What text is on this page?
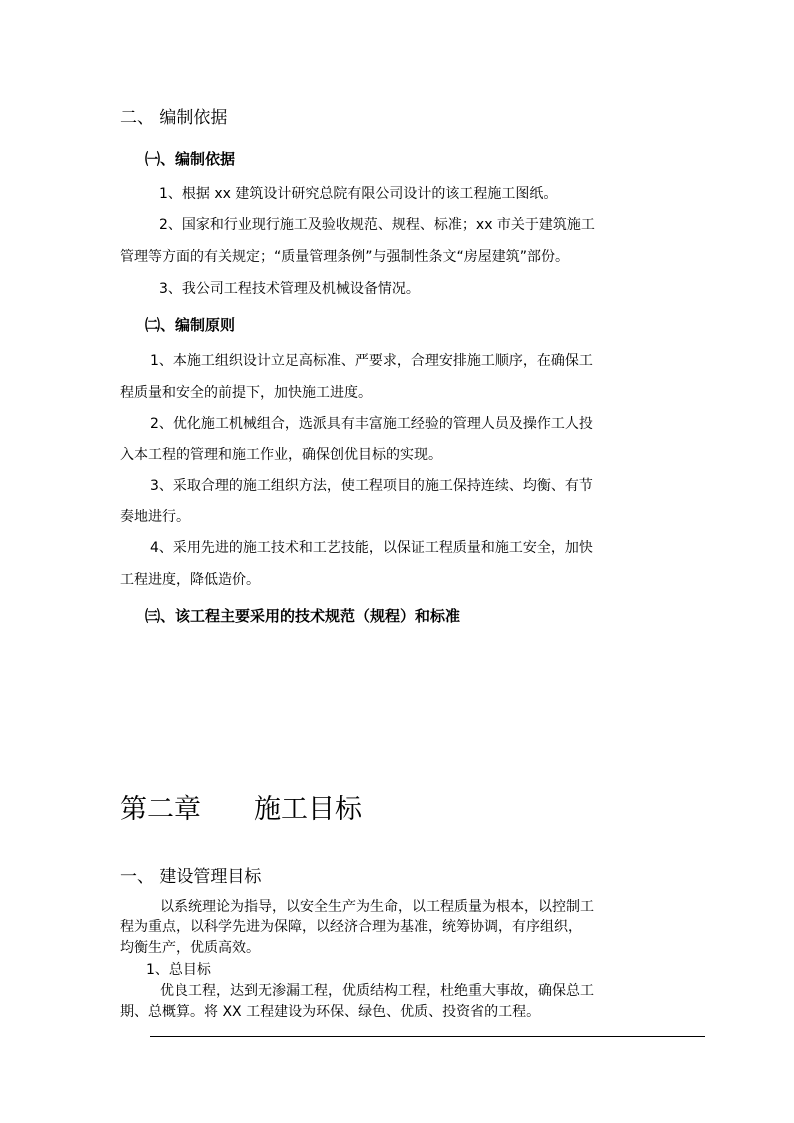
二、 编制依据
㈠、编制依据
1、根据 xx 建筑设计研究总院有限公司设计的该工程施工图纸。
2、国家和行业现行施工及验收规范、规程、标准；xx 市关于建筑施工
管理等方面的有关规定；“质量管理条例”与强制性条文“房屋建筑”部份。
3、我公司工程技术管理及机械设备情况。
㈡、编制原则
1、本施工组织设计立足高标准、严要求，合理安排施工顺序，在确保工
程质量和安全的前提下，加快施工进度。
2、优化施工机械组合，选派具有丰富施工经验的管理人员及操作工人投
入本工程的管理和施工作业，确保创优目标的实现。
3、采取合理的施工组织方法，使工程项目的施工保持连续、均衡、有节
奏地进行。
4、采用先进的施工技术和工艺技能，以保证工程质量和施工安全，加快
工程进度，降低造价。
㈢、该工程主要采用的技术规范（规程）和标准
第二章 施工目标
一、 建设管理目标
以系统理论为指导，以安全生产为生命，以工程质量为根本，以控制工
程为重点，以科学先进为保障，以经济合理为基准，统筹协调，有序组织，
均衡生产，优质高效。
1、总目标
优良工程，达到无渗漏工程，优质结构工程，杜绝重大事故，确保总工
期、总概算。将 XX 工程建设为环保、绿色、优质、投资省的工程。
